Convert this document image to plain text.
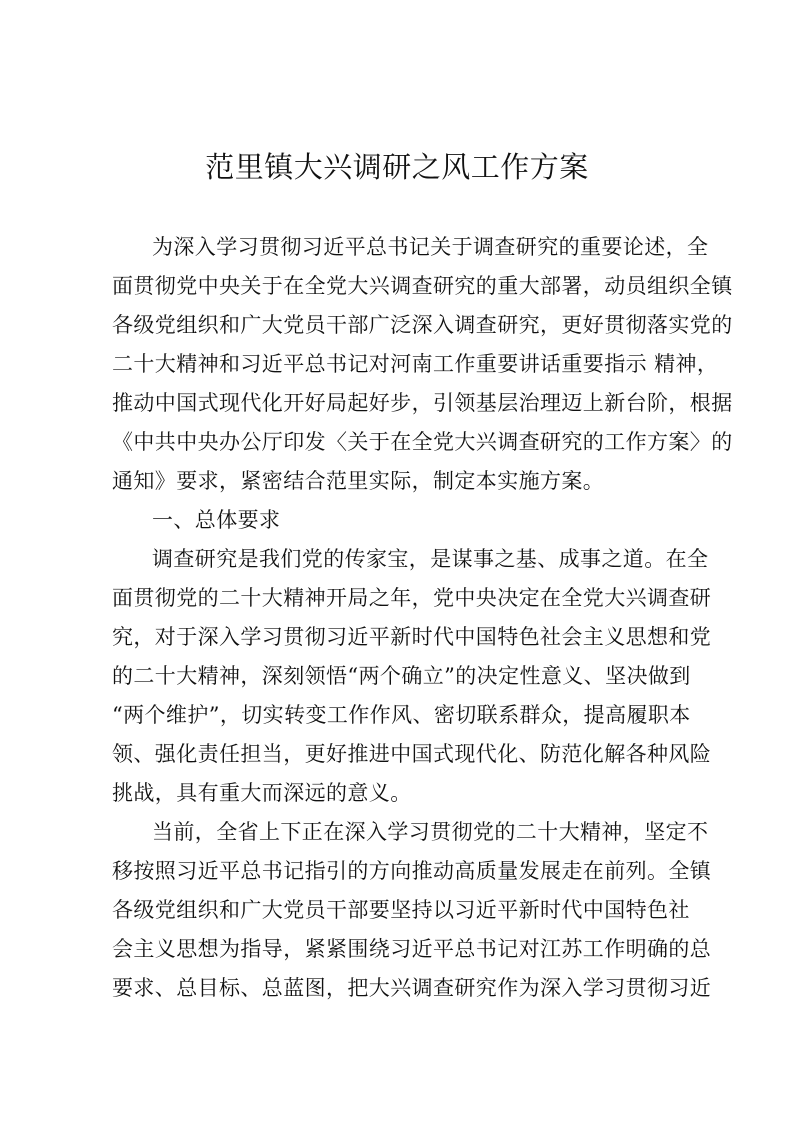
范里镇大兴调研之风工作方案
为深入学习贯彻习近平总书记关于调查研究的重要论述，全
面贯彻党中央关于在全党大兴调查研究的重大部署，动员组织全镇
各级党组织和广大党员干部广泛深入调查研究，更好贯彻落实党的
二十大精神和习近平总书记对河南工作重要讲话重要指示 精神，
推动中国式现代化开好局起好步，引领基层治理迈上新台阶，根据
《中共中央办公厅印发〈关于在全党大兴调查研究的工作方案〉的
通知》要求，紧密结合范里实际，制定本实施方案。
一、总体要求
调查研究是我们党的传家宝，是谋事之基、成事之道。在全
面贯彻党的二十大精神开局之年，党中央决定在全党大兴调查研
究，对于深入学习贯彻习近平新时代中国特色社会主义思想和党
的二十大精神，深刻领悟“两个确立”的决定性意义、坚决做到
“两个维护”，切实转变工作作风、密切联系群众，提高履职本
领、强化责任担当，更好推进中国式现代化、防范化解各种风险
挑战，具有重大而深远的意义。
当前，全省上下正在深入学习贯彻党的二十大精神，坚定不
移按照习近平总书记指引的方向推动高质量发展走在前列。全镇
各级党组织和广大党员干部要坚持以习近平新时代中国特色社
会主义思想为指导，紧紧围绕习近平总书记对江苏工作明确的总
要求、总目标、总蓝图，把大兴调查研究作为深入学习贯彻习近
